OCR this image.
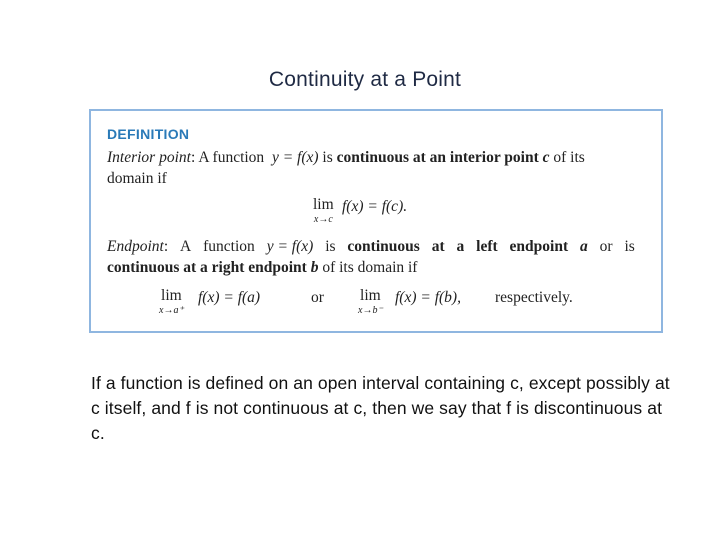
Continuity at a Point
DEFINITION
Interior point: A function y = f(x) is continuous at an interior point c of its
domain if
lim
x→c
f(x) = f(c).
Endpoint: A function y = f(x) is continuous at a left endpoint a or is
continuous at a right endpoint b of its domain if
lim
x→a⁺
f(x) = f(a)	or lim
x→b⁻
f(x) = f(b), respectively.
If a function is defined on an open interval containing c, except possibly at c itself, and f is not continuous at c, then we say that f is discontinuous at c.
